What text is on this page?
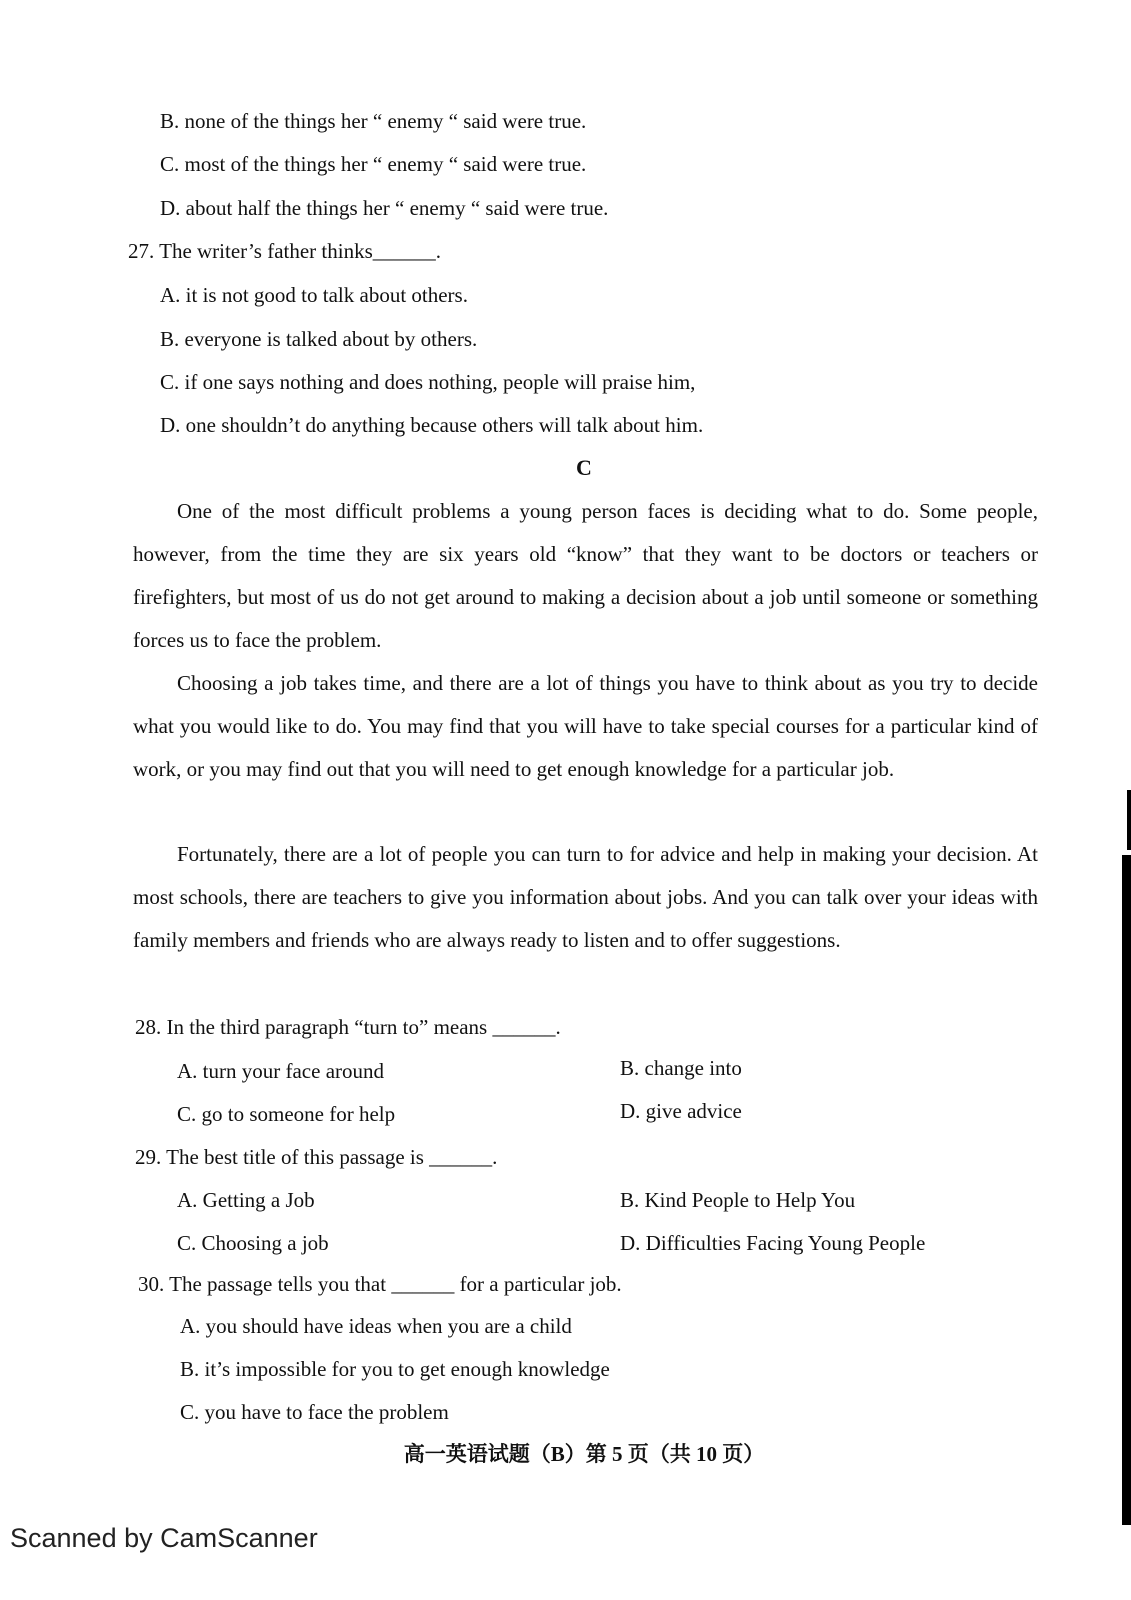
B. none of the things her “ enemy “ said were true.
C. most of the things her “ enemy “ said were true.
D. about half the things her “ enemy “ said were true.
27. The writer’s father thinks______.
A. it is not good to talk about others.
B. everyone is talked about by others.
C. if one says nothing and does nothing, people will praise him,
D. one shouldn’t do anything because others will talk about him.
C
One of the most difficult problems a young person faces is deciding what to do. Some people, however, from the time they are six years old “know” that they want to be doctors or teachers or firefighters, but most of us do not get around to making a decision about a job until someone or something forces us to face the problem.
Choosing a job takes time, and there are a lot of things you have to think about as you try to decide what you would like to do. You may find that you will have to take special courses for a particular kind of work, or you may find out that you will need to get enough knowledge for a particular job.
Fortunately, there are a lot of people you can turn to for advice and help in making your decision. At most schools, there are teachers to give you information about jobs. And you can talk over your ideas with family members and friends who are always ready to listen and to offer suggestions.
28. In the third paragraph “turn to” means ______.
A. turn your face around	B. change into
C. go to someone for help	D. give advice
29. The best title of this passage is ______.
A. Getting a Job	B. Kind People to Help You
C. Choosing a job	D. Difficulties Facing Young People
30. The passage tells you that ______ for a particular job.
A. you should have ideas when you are a child
B. it’s impossible for you to get enough knowledge
C. you have to face the problem
高一英语试题（B）第 5 页（共 10 页）
Scanned by CamScanner
